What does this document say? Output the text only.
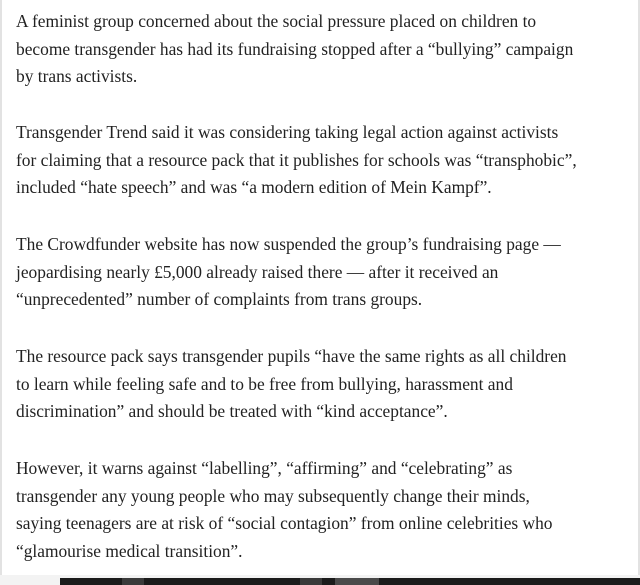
A feminist group concerned about the social pressure placed on children to
become transgender has had its fundraising stopped after a “bullying” campaign
by trans activists.

Transgender Trend said it was considering taking legal action against activists
for claiming that a resource pack that it publishes for schools was “transphobic”,
included “hate speech” and was “a modern edition of Mein Kampf”.

The Crowdfunder website has now suspended the group’s fundraising page —
jeopardising nearly £5,000 already raised there — after it received an
“unprecedented” number of complaints from trans groups.

The resource pack says transgender pupils “have the same rights as all children
to learn while feeling safe and to be free from bullying, harassment and
discrimination” and should be treated with “kind acceptance”.

However, it warns against “labelling”, “affirming” and “celebrating” as
transgender any young people who may subsequently change their minds,
saying teenagers are at risk of “social contagion” from online celebrities who
“glamourise medical transition”.
